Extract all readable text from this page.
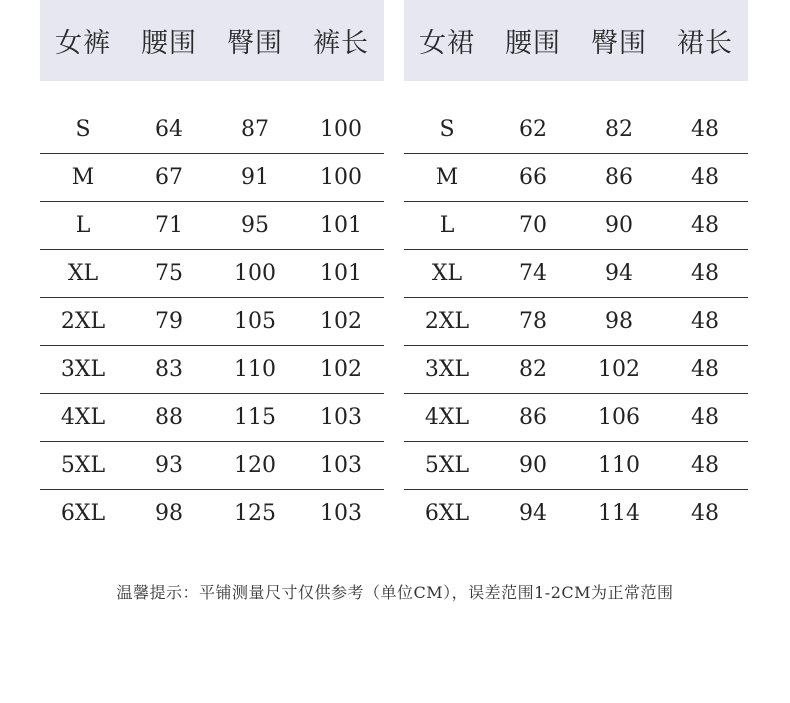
女裤	腰围	臀围	裤长
S	64	87	100
M	67	91	100
L	71	95	101
XL	75	100	101
2XL	79	105	102
3XL	83	110	102
4XL	88	115	103
5XL	93	120	103
6XL	98	125	103
女裙	腰围	臀围	裙长
S	62	82	48
M	66	86	48
L	70	90	48
XL	74	94	48
2XL	78	98	48
3XL	82	102	48
4XL	86	106	48
5XL	90	110	48
6XL	94	114	48
温馨提示：平铺测量尺寸仅供参考（单位CM），误差范围1-2CM为正常范围
